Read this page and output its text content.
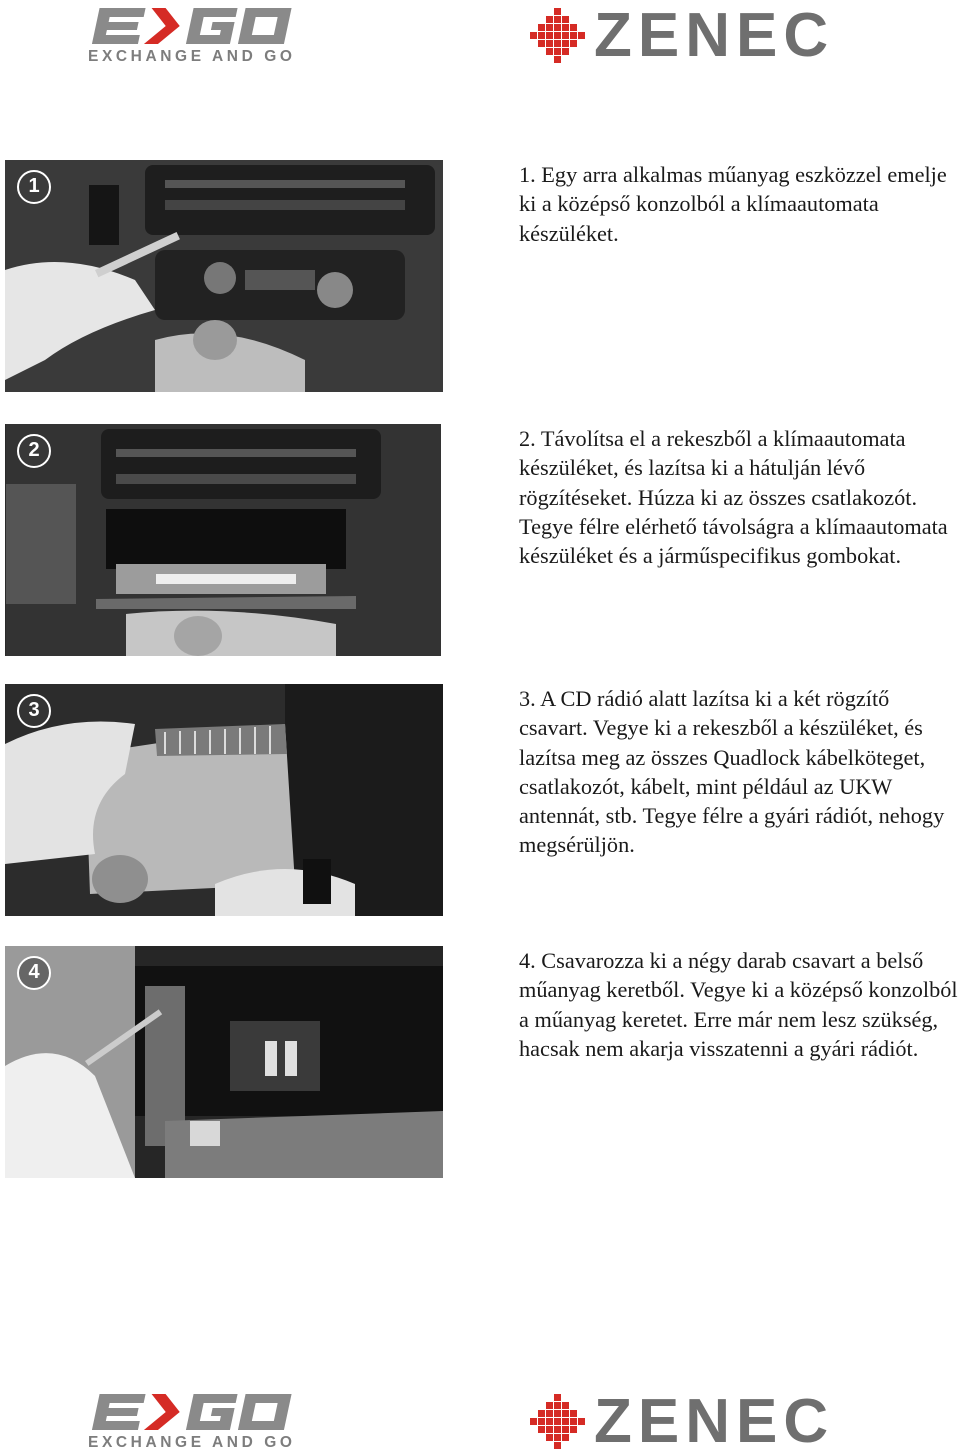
EXCHANGE AND GO	ZENEC
1	1. Egy arra alkalmas műanyag eszközzel emelje ki a középső konzolból a klímaautomata készüléket.
2	2. Távolítsa el a rekeszből a klímaautomata készüléket, és lazítsa ki a hátulján lévő rögzítéseket. Húzza ki az összes csatlakozót. Tegye félre elérhető távolságra a klímaautomata készüléket és a járműspecifikus gombokat.
3	3. A CD rádió alatt lazítsa ki a két rögzítő csavart. Vegye ki a rekeszből a készüléket, és lazítsa meg az összes Quadlock kábelköteget, csatlakozót, kábelt, mint például az UKW antennát, stb. Tegye félre a gyári rádiót, nehogy megsérüljön.
4	4. Csavarozza ki a négy darab csavart a belső műanyag keretből. Vegye ki a középső konzolból a műanyag keretet. Erre már nem lesz szükség, hacsak nem akarja visszatenni a gyári rádiót.
EXCHANGE AND GO	ZENEC
